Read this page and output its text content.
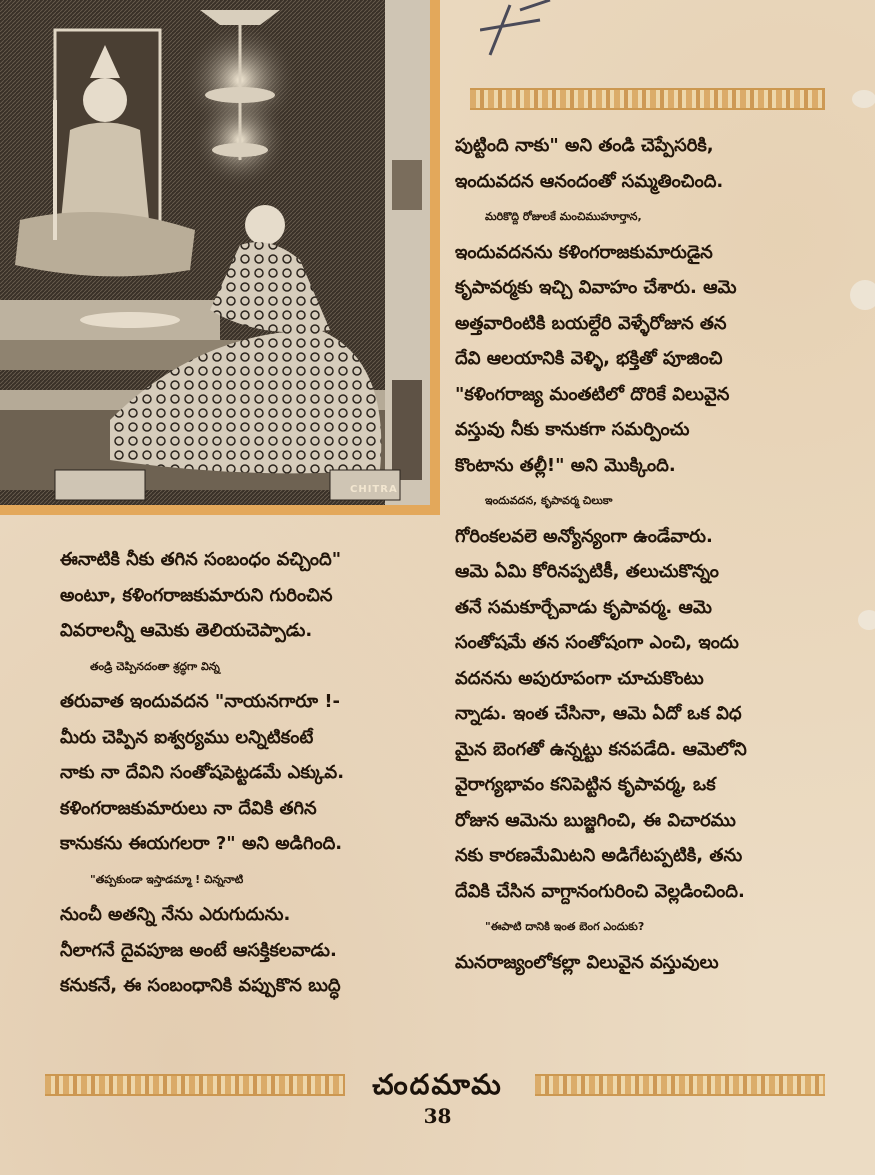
CHITRA

ఈనాటికి నీకు తగిన సంబంధం వచ్చింది"

అంటూ, కళింగరాజకుమారుని గురించిన

వివరాలన్నీ ఆమెకు తెలియచెప్పాడు.

తండ్రి చెప్పినదంతా శ్రద్ధగా విన్న

తరువాత ఇందువదన "నాయనగారూ !-

మీరు చెప్పిన ఐశ్వర్యము లన్నిటికంటే

నాకు నా దేవిని సంతోషపెట్టడమే ఎక్కువ.

కళింగరాజకుమారులు నా దేవికి తగిన

కానుకను ఈయగలరా ?" అని అడిగింది.

"తప్పకుండా ఇస్తాడమ్మా ! చిన్ననాటి

నుంచీ అతన్ని నేను ఎరుగుదును.

నీలాగనే దైవపూజ అంటే ఆసక్తికలవాడు.

కనుకనే, ఈ సంబంధానికి వప్పుకొన బుద్ధి

పుట్టింది నాకు" అని తండి చెప్పేసరికి,

ఇందువదన ఆనందంతో సమ్మతించింది.

మరికొద్ది రోజులకే మంచిముహూర్తాన,

ఇందువదనను కళింగరాజకుమారుడైన

కృపావర్మకు ఇచ్చి వివాహం చేశారు. ఆమె

అత్తవారింటికి బయల్దేరి వెళ్ళేరోజున తన

దేవి ఆలయానికి వెళ్ళి, భక్తితో పూజించి

"కళింగరాజ్య మంతటిలో దొరికే విలువైన

వస్తువు నీకు కానుకగా సమర్పించు

కొంటాను తల్లీ!" అని మొక్కింది.

ఇందువదన, కృపావర్మ చిలుకా

గోరింకలవలె అన్యోన్యంగా ఉండేవారు.

ఆమె ఏమి కోరినప్పటికీ, తలుచుకొన్నం

తనే సమకూర్చేవాడు కృపావర్మ. ఆమె

సంతోషమే తన సంతోషంగా ఎంచి, ఇందు

వదనను అపురూపంగా చూచుకొంటు

న్నాడు. ఇంత చేసినా, ఆమె ఏదో ఒక విధ

మైన బెంగతో ఉన్నట్టు కనపడేది. ఆమెలోని

వైరాగ్యభావం కనిపెట్టిన కృపావర్మ, ఒక

రోజున ఆమెను బుజ్జగించి, ఈ విచారము

నకు కారణమేమిటని అడిగేటప్పటికి, తను

దేవికి చేసిన వాగ్దానంగురించి వెల్లడించింది.

"ఈపాటి దానికి ఇంత బెంగ ఎందుకు?

మనరాజ్యంలోకల్లా విలువైన వస్తువులు

చందమామ
38
